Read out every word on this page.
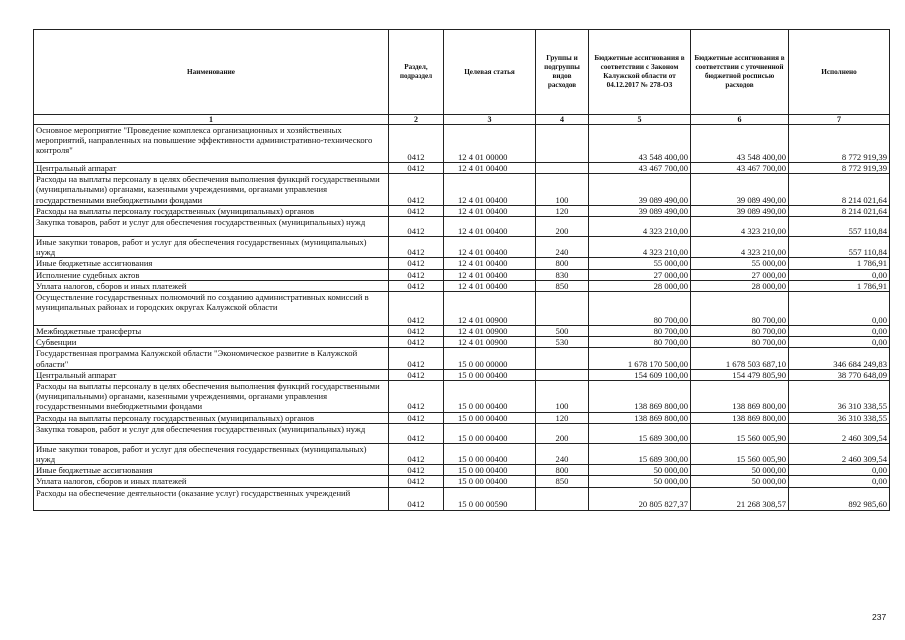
Наименование	Раздел, подраздел	Целевая статья	Группы и подгруппы видов расходов	Бюджетные ассигнования в соответствии с Законом Калужской области от 04.12.2017 № 278-ОЗ	Бюджетные ассигнования в соответствии с уточненной бюджетной росписью расходов	Исполнено
1	2	3	4	5	6	7
Основное мероприятие "Проведение комплекса организационных и хозяйственных мероприятий, направленных на повышение эффективности административно-технического контроля"	0412	12 4 01 00000		43 548 400,00	43 548 400,00	8 772 919,39
Центральный аппарат	0412	12 4 01 00400		43 467 700,00	43 467 700,00	8 772 919,39
Расходы на выплаты персоналу в целях обеспечения выполнения функций государственными (муниципальными) органами, казенными учреждениями, органами управления государственными внебюджетными фондами	0412	12 4 01 00400	100	39 089 490,00	39 089 490,00	8 214 021,64
Расходы на выплаты персоналу государственных (муниципальных) органов	0412	12 4 01 00400	120	39 089 490,00	39 089 490,00	8 214 021,64
Закупка товаров, работ и услуг для обеспечения государственных (муниципальных) нужд	0412	12 4 01 00400	200	4 323 210,00	4 323 210,00	557 110,84
Иные закупки товаров, работ и услуг для обеспечения государственных (муниципальных) нужд	0412	12 4 01 00400	240	4 323 210,00	4 323 210,00	557 110,84
Иные бюджетные ассигнования	0412	12 4 01 00400	800	55 000,00	55 000,00	1 786,91
Исполнение судебных актов	0412	12 4 01 00400	830	27 000,00	27 000,00	0,00
Уплата налогов, сборов и иных платежей	0412	12 4 01 00400	850	28 000,00	28 000,00	1 786,91
Осуществление государственных полномочий по созданию административных комиссий в муниципальных районах и городских округах Калужской области	0412	12 4 01 00900		80 700,00	80 700,00	0,00
Межбюджетные трансферты	0412	12 4 01 00900	500	80 700,00	80 700,00	0,00
Субвенции	0412	12 4 01 00900	530	80 700,00	80 700,00	0,00
Государственная программа Калужской области "Экономическое развитие в Калужской области"	0412	15 0 00 00000		1 678 170 500,00	1 678 503 687,10	346 684 249,83
Центральный аппарат	0412	15 0 00 00400		154 609 100,00	154 479 805,90	38 770 648,09
Расходы на выплаты персоналу в целях обеспечения выполнения функций государственными (муниципальными) органами, казенными учреждениями, органами управления государственными внебюджетными фондами	0412	15 0 00 00400	100	138 869 800,00	138 869 800,00	36 310 338,55
Расходы на выплаты персоналу государственных (муниципальных) органов	0412	15 0 00 00400	120	138 869 800,00	138 869 800,00	36 310 338,55
Закупка товаров, работ и услуг для обеспечения государственных (муниципальных) нужд	0412	15 0 00 00400	200	15 689 300,00	15 560 005,90	2 460 309,54
Иные закупки товаров, работ и услуг для обеспечения государственных (муниципальных) нужд	0412	15 0 00 00400	240	15 689 300,00	15 560 005,90	2 460 309,54
Иные бюджетные ассигнования	0412	15 0 00 00400	800	50 000,00	50 000,00	0,00
Уплата налогов, сборов и иных платежей	0412	15 0 00 00400	850	50 000,00	50 000,00	0,00
Расходы на обеспечение деятельности (оказание услуг) государственных учреждений	0412	15 0 00 00590		20 805 827,37	21 268 308,57	892 985,60
237
